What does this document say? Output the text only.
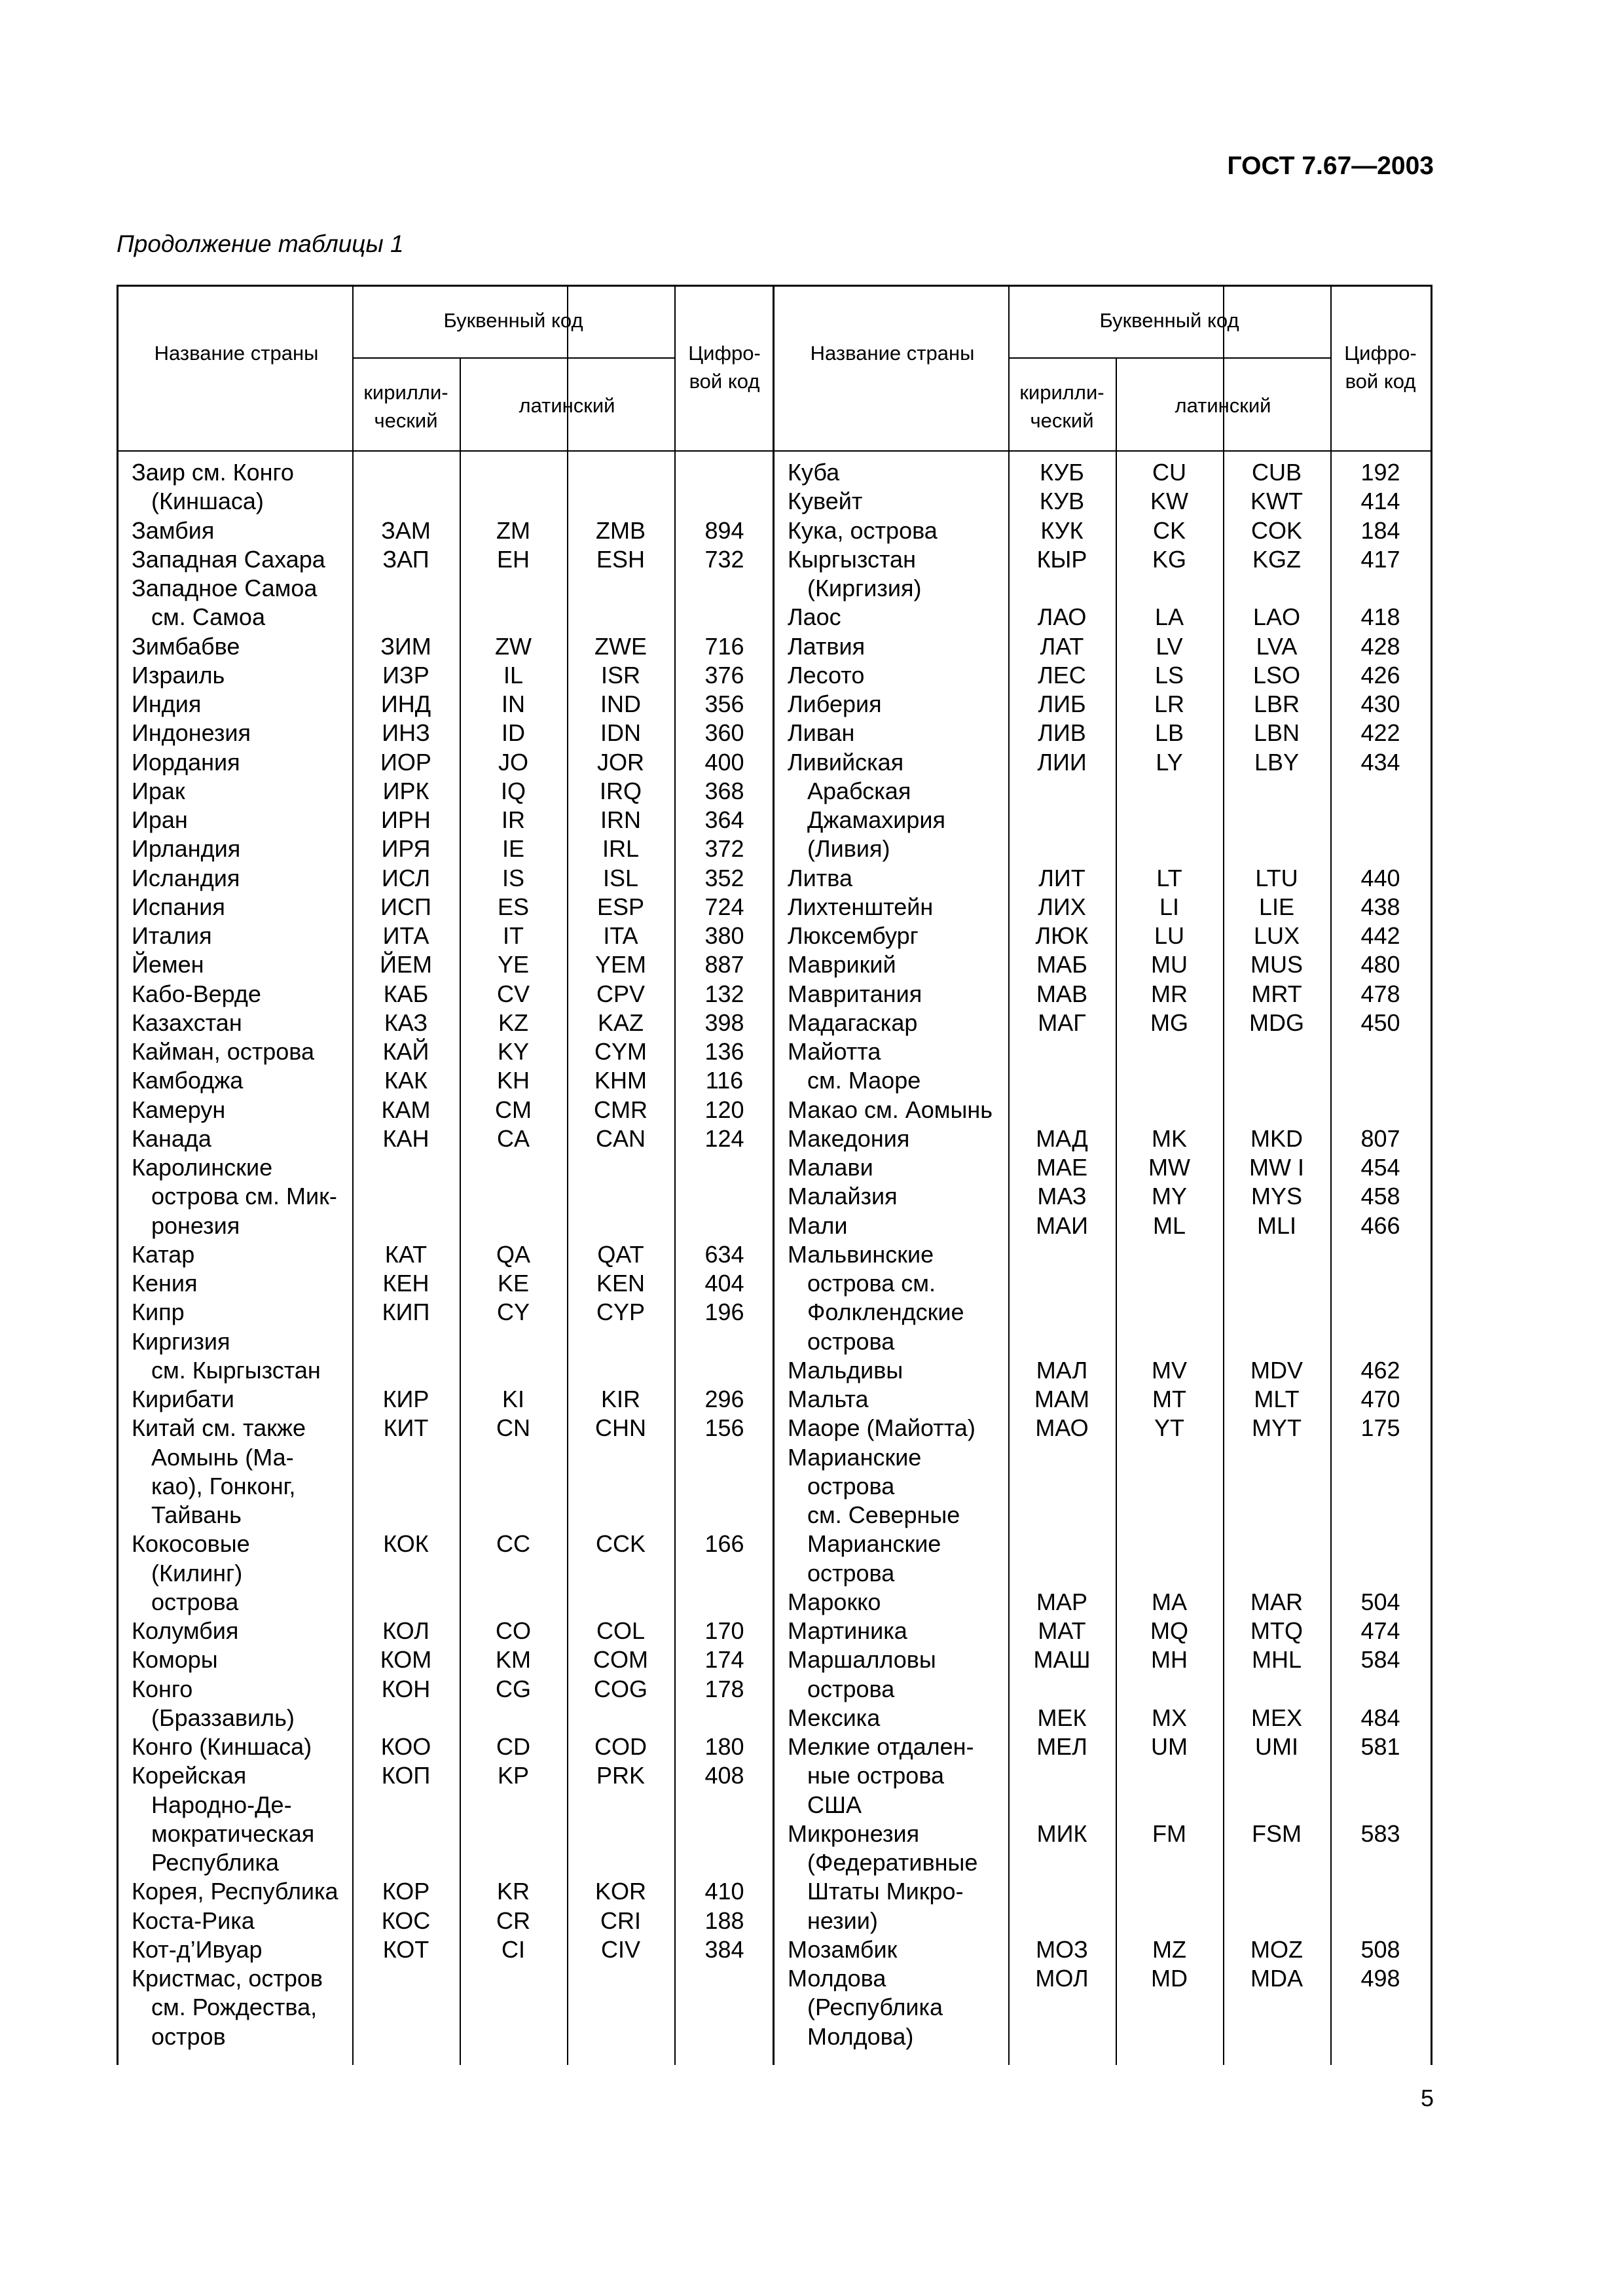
ГОСТ 7.67—2003
Продолжение таблицы 1
Название страны
Буквенный код
кирилли-ческий
латинский
Цифро-вой код
Заир см. Конго
(Киншаса)
Замбия	ЗАМ	ZM	ZMB	894
Западная Сахара	ЗАП	EH	ESH	732
Западное Самоа
см. Самоа
Зимбабве	ЗИМ	ZW	ZWE	716
Израиль	ИЗР	IL	ISR	376
Индия	ИНД	IN	IND	356
Индонезия	ИНЗ	ID	IDN	360
Иордания	ИОР	JO	JOR	400
Ирак	ИРК	IQ	IRQ	368
Иран	ИРН	IR	IRN	364
Ирландия	ИРЯ	IE	IRL	372
Исландия	ИСЛ	IS	ISL	352
Испания	ИСП	ES	ESP	724
Италия	ИТА	IT	ITA	380
Йемен	ЙЕМ	YE	YEM	887
Кабо-Верде	КАБ	CV	CPV	132
Казахстан	КАЗ	KZ	KAZ	398
Кайман, острова	КАЙ	KY	CYM	136
Камбоджа	КАК	KH	KHM	116
Камерун	КАМ	CM	CMR	120
Канада	КАН	CA	CAN	124
Каролинские
острова см. Мик-
ронезия
Катар	КАТ	QA	QAT	634
Кения	КЕН	KE	KEN	404
Кипр	КИП	CY	CYP	196
Киргизия
см. Кыргызстан
Кирибати	КИР	KI	KIR	296
Китай см. также	КИТ	CN	CHN	156
Аомынь (Ма-
као), Гонконг,
Тайвань
Кокосовые	КОК	CC	CCK	166
(Килинг)
острова
Колумбия	КОЛ	CO	COL	170
Коморы	КОМ	KM	COM	174
Конго	КОН	CG	COG	178
(Браззавиль)
Конго (Киншаса)	КОО	CD	COD	180
Корейская	КОП	KP	PRK	408
Народно-Де-
мократическая
Республика
Корея, Республика	КОР	KR	KOR	410
Коста-Рика	КОС	CR	CRI	188
Кот-д’Ивуар	КОТ	CI	CIV	384
Кристмас, остров
см. Рождества,
остров
Название страны
Буквенный код
кирилли-ческий
латинский
Цифро-вой код
Куба	КУБ	CU	CUB	192
Кувейт	КУВ	KW	KWT	414
Кука, острова	КУК	CK	COK	184
Кыргызстан	КЫР	KG	KGZ	417
(Киргизия)
Лаос	ЛАО	LA	LAO	418
Латвия	ЛАТ	LV	LVA	428
Лесото	ЛЕС	LS	LSO	426
Либерия	ЛИБ	LR	LBR	430
Ливан	ЛИВ	LB	LBN	422
Ливийская	ЛИИ	LY	LBY	434
Арабская
Джамахирия
(Ливия)
Литва	ЛИТ	LT	LTU	440
Лихтенштейн	ЛИХ	LI	LIE	438
Люксембург	ЛЮК	LU	LUX	442
Маврикий	МАБ	MU	MUS	480
Мавритания	МАВ	MR	MRT	478
Мадагаскар	МАГ	MG	MDG	450
Майотта
см. Маоре
Макао см. Аомынь
Македония	МАД	MK	MKD	807
Малави	МАЕ	MW	MW I	454
Малайзия	МАЗ	MY	MYS	458
Мали	МАИ	ML	MLI	466
Мальвинские
острова см.
Фолклендские
острова
Мальдивы	МАЛ	MV	MDV	462
Мальта	МАМ	MT	MLT	470
Маоре (Майотта)	МАО	YT	MYT	175
Марианские
острова
см. Северные
Марианские
острова
Марокко	МАР	MA	MAR	504
Мартиника	МАТ	MQ	MTQ	474
Маршалловы	МАШ	MH	MHL	584
острова
Мексика	МЕК	MX	MEX	484
Мелкие отдален-	МЕЛ	UM	UMI	581
ные острова
США
Микронезия	МИК	FM	FSM	583
(Федеративные
Штаты Микро-
незии)
Мозамбик	МОЗ	MZ	MOZ	508
Молдова	МОЛ	MD	MDA	498
(Республика
Молдова)
5
